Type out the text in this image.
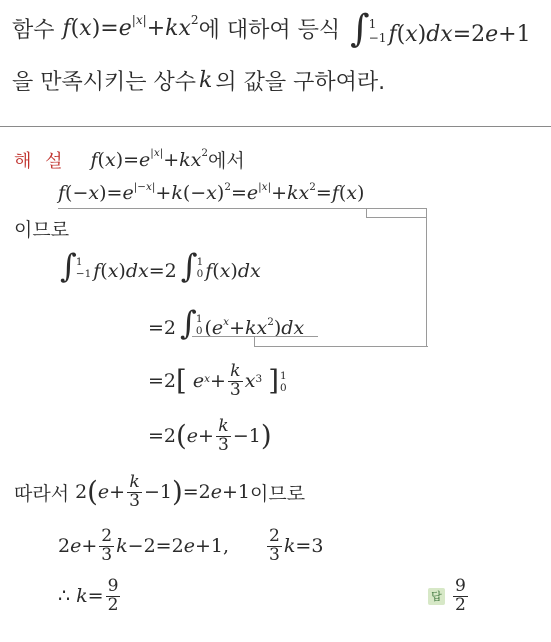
함수 $f(x)=e^{|x|}+kx^2$ 에 대하여 등식 ∫ 1
−1 f(x)dx=2e+1
을 만족시키는 상수 k 의 값을 구하여라.
해 설 $f(x)=e^{|x|}+kx^2$ 에서
$f(-x)=e^{|-x|}+k(-x)^2=e^{|x|}+kx^2=f(x)$
이므로
∫ 1
−1 f(x)dx=2 ∫ 1
0 f(x)dx
=2 ∫ 1
0 $(e^x+kx^2)dx$
=2 [
e $^x + \frac{k}{3} x^3$
] 1
0
=2 ( $e + \frac{k}{3} -1$ )
따라서 2 ( $e + \frac{k}{3} -1$ ) =2 e +1 이므로
2 $e + \frac{2}{3}$ k −2=2 e +1, $\frac{2}{3}$ k =3
∴ $k = \frac{9}{2}$	답 $\frac{9}{2}$
